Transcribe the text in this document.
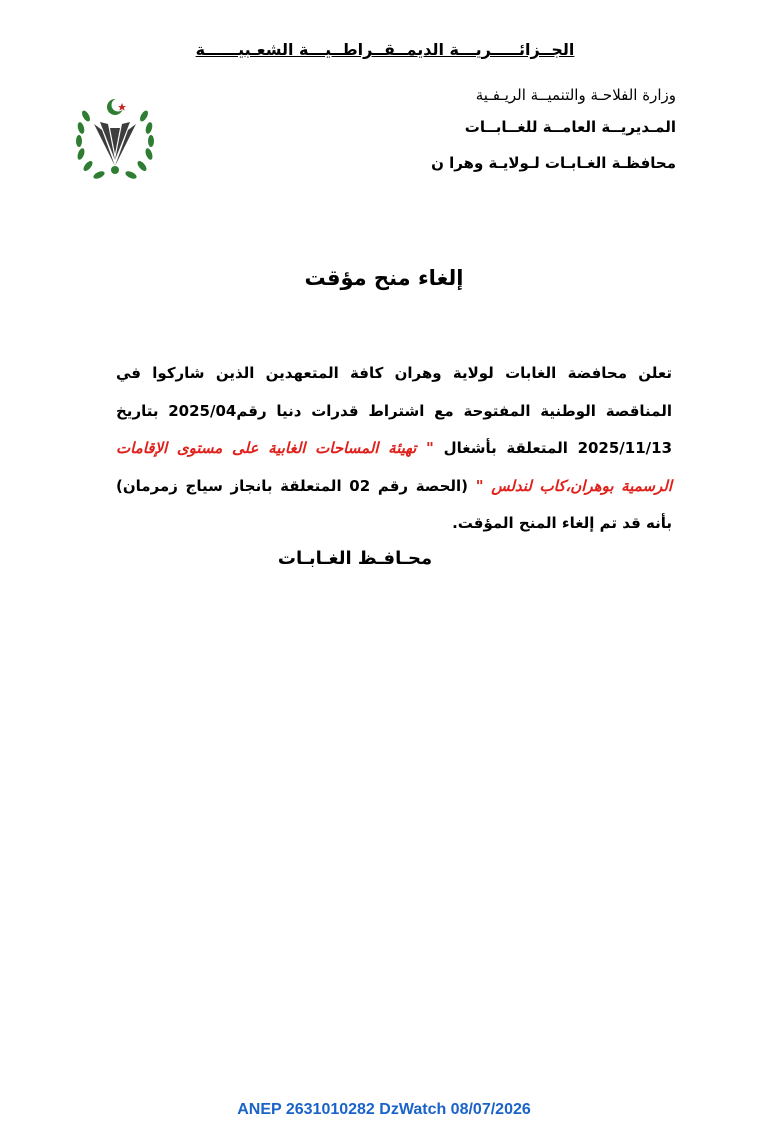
الجــزائـــــريـــة الديمــقــراطــيـــة الشعـبيــــــة
وزارة الفلاحـة والتنميــة الريـفـية
المـديريــة العامــة للغــابــات
محافظـة الغـابـات لـولايـة وهرا ن
إلغاء منح مؤقت
تعلن محافضة الغابات لولاية وهران كافة المتعهدين الذين شاركوا في المناقصة الوطنية المفتوحة مع اشتراط قدرات دنيا رقم2025/04 بتاريخ 2025/11/13 المتعلقة بأشغال " تهيئة المساحات الغابية على مستوى الإقامات الرسمية بوهران،كاب لندلس " (الحصة رقم 02 المتعلقة بانجاز سياج زمرمان) بأنه قد تم إلغاء المنح المؤقت.
محـافـظ الغـابـات
ANEP 2631010282 DzWatch 08/07/2026
